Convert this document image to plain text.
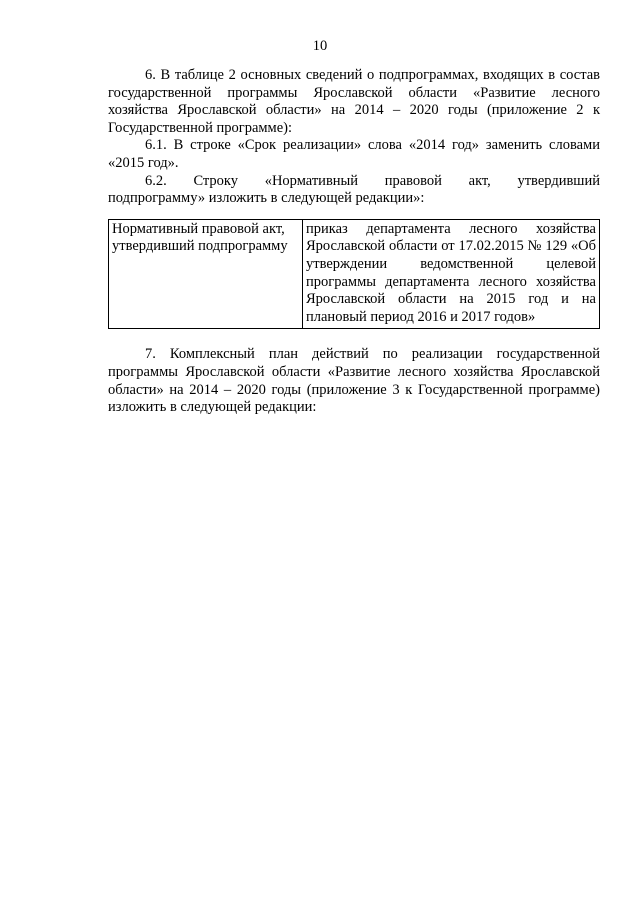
10

6. В таблице 2 основных сведений о подпрограммах, входящих в состав государственной программы Ярославской области «Развитие лесного хозяйства Ярославской области» на 2014 – 2020 годы (приложение 2 к Государственной программе):

6.1. В строке «Срок реализации» слова «2014 год» заменить словами «2015 год».

6.2. Строку «Нормативный правовой акт, утвердивший

подпрограмму» изложить в следующей редакции»:

Нормативный правовой акт, утвердивший подпрограмму	приказ департамента лесного хозяйства Ярославской области от 17.02.2015 № 129 «Об утверждении ведомственной целевой программы департамента лесного хозяйства Ярославской области на 2015 год и на плановый период 2016 и 2017 годов»

7. Комплексный план действий по реализации государственной программы Ярославской области «Развитие лесного хозяйства Ярославской области» на 2014 – 2020 годы (приложение 3 к Государственной программе) изложить в следующей редакции:
